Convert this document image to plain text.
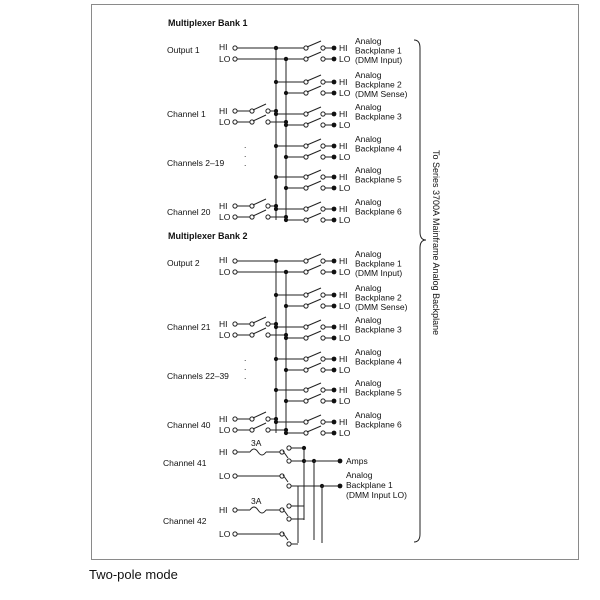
Multiplexer Bank 1
HI
LO
Analog
Backplane 1
(DMM Input)
HI
LO
Analog
Backplane 2
(DMM Sense)
HI
LO
Analog
Backplane 3
HI
LO
Analog
Backplane 4
HI
LO
Analog
Backplane 5
HI
LO
Analog
Backplane 6
Output 1 HI
LO
Channel 1 HI
LO
Channels 2–19
.
.
.
Channel 20
HI
LO
Multiplexer Bank 2
HI
LO
Analog
Backplane 1
(DMM Input)
HI
LO
Analog
Backplane 2
(DMM Sense)
HI
LO
Analog
Backplane 3
HI
LO
Analog
Backplane 4
HI
LO
Analog
Backplane 5
HI
LO
Analog
Backplane 6
Output 2 HI
LO
Channel 21 HI
LO
Channels 22–39
.
.
.
Channel 40
HI
LO
Channel 41
HI
LO
3A
Channel 42
HI
LO
3A
Amps
Analog
Backplane 1
(DMM Input LO)
To Series 3700A Mainframe Analog Backplane
Two-pole mode
